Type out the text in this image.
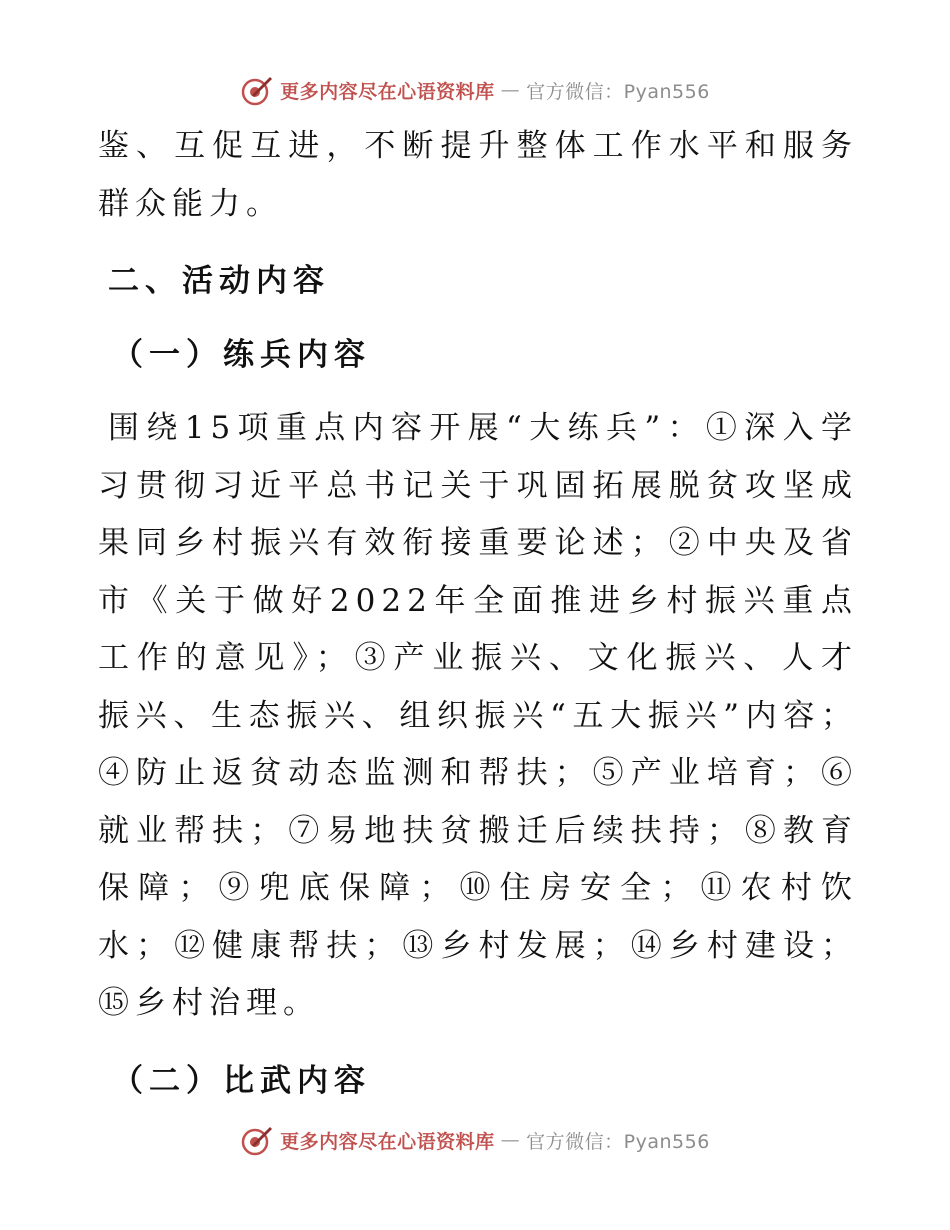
更多内容尽在心语资料库 — 官方微信：Pyan556

鉴、互促互进，不断提升整体工作水平和服务群众能力。

二、活动内容
（一）练兵内容

围绕15项重点内容开展“大练兵”：①深入学习贯彻习近平总书记关于巩固拓展脱贫攻坚成果同乡村振兴有效衔接重要论述；②中央及省市《关于做好2022年全面推进乡村振兴重点工作的意见》；③产业振兴、文化振兴、人才振兴、生态振兴、组织振兴“五大振兴”内容；④防止返贫动态监测和帮扶；⑤产业培育；⑥就业帮扶；⑦易地扶贫搬迁后续扶持；⑧教育保障；⑨兜底保障；⑩住房安全；⑪农村饮水；⑫健康帮扶；⑬乡村发展；⑭乡村建设；⑮乡村治理。

（二）比武内容
更多内容尽在心语资料库 — 官方微信：Pyan556
